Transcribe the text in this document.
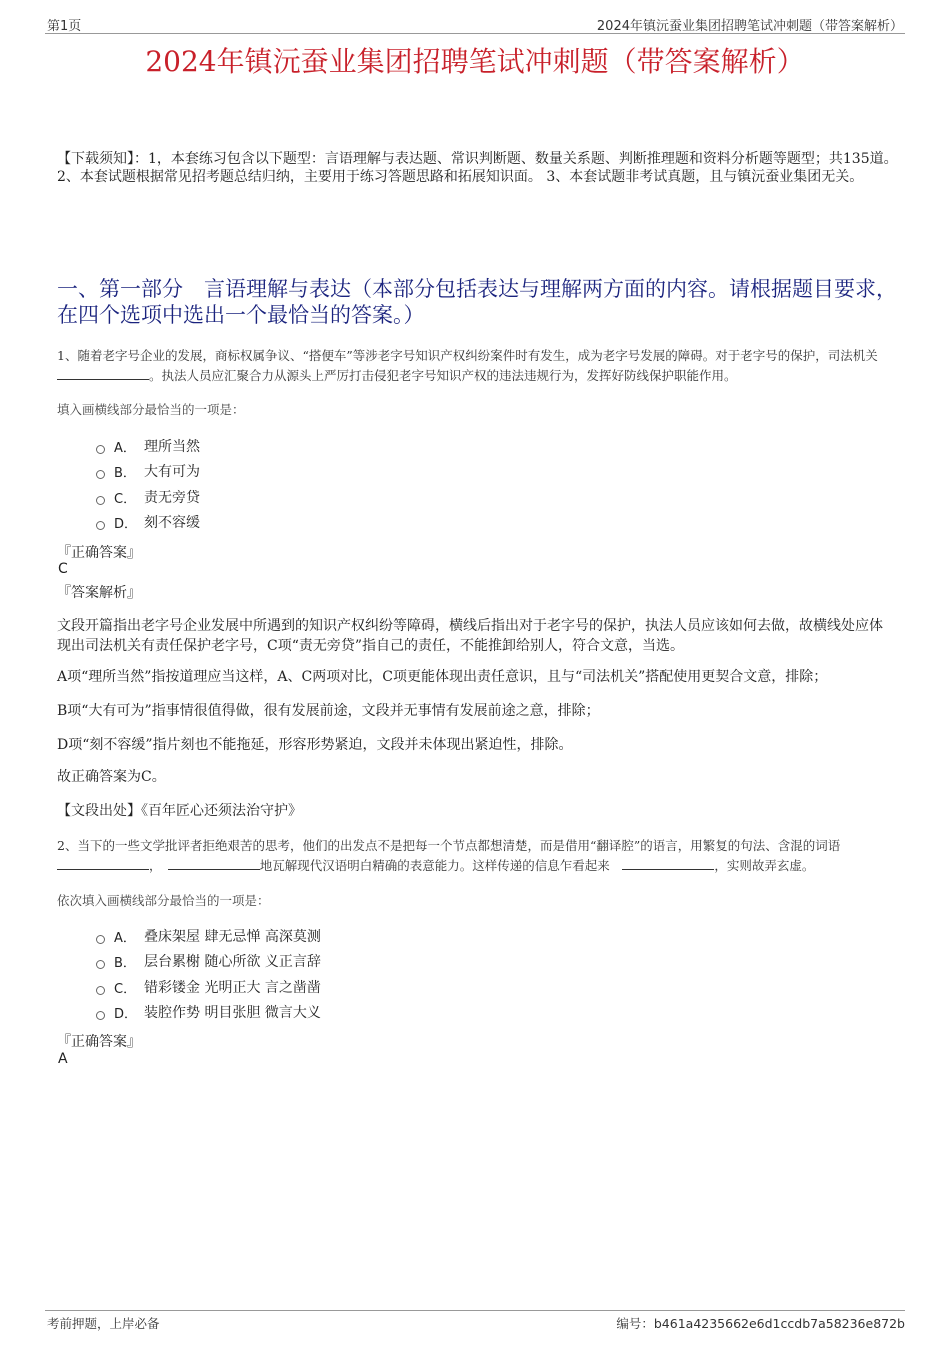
第1页	2024年镇沅蚕业集团招聘笔试冲刺题（带答案解析）
2024年镇沅蚕业集团招聘笔试冲刺题（带答案解析）
【下载须知】：1，本套练习包含以下题型：言语理解与表达题、常识判断题、数量关系题、判断推理题和资料分析题等题型；共135道。 2、本套试题根据常见招考题总结归纳，主要用于练习答题思路和拓展知识面。 3、本套试题非考试真题，且与镇沅蚕业集团无关。
一、第一部分　言语理解与表达（本部分包括表达与理解两方面的内容。请根据题目要求，在四个选项中选出一个最恰当的答案。）
1、随着老字号企业的发展，商标权属争议、“搭便车”等涉老字号知识产权纠纷案件时有发生，成为老字号发展的障碍。对于老字号的保护，司法机关。执法人员应汇聚合力从源头上严厉打击侵犯老字号知识产权的违法违规行为，发挥好防线保护职能作用。
填入画横线部分最恰当的一项是：
A． 理所当然
B． 大有可为
C． 责无旁贷
D． 刻不容缓
『正确答案』
C
『答案解析』
文段开篇指出老字号企业发展中所遇到的知识产权纠纷等障碍，横线后指出对于老字号的保护，执法人员应该如何去做，故横线处应体现出司法机关有责任保护老字号，C项“责无旁贷”指自己的责任，不能推卸给别人，符合文意，当选。
A项“理所当然”指按道理应当这样，A、C两项对比，C项更能体现出责任意识，且与“司法机关”搭配使用更契合文意，排除；
B项“大有可为”指事情很值得做，很有发展前途，文段并无事情有发展前途之意，排除；
D项“刻不容缓”指片刻也不能拖延，形容形势紧迫，文段并未体现出紧迫性，排除。
故正确答案为C。
【文段出处】《百年匠心还须法治守护》
2、当下的一些文学批评者拒绝艰苦的思考，他们的出发点不是把每一个节点都想清楚，而是借用“翻译腔”的语言，用繁复的句法、含混的词语，　	地瓦解现代汉语明白精确的表意能力。这样传递的信息乍看起来　	，实则故弄玄虚。
依次填入画横线部分最恰当的一项是：
A． 叠床架屋 肆无忌惮 高深莫测
B． 层台累榭 随心所欲 义正言辞
C． 错彩镂金 光明正大 言之凿凿
D． 装腔作势 明目张胆 微言大义
『正确答案』
A
考前押题，上岸必备	编号：b461a4235662e6d1ccdb7a58236e872b
